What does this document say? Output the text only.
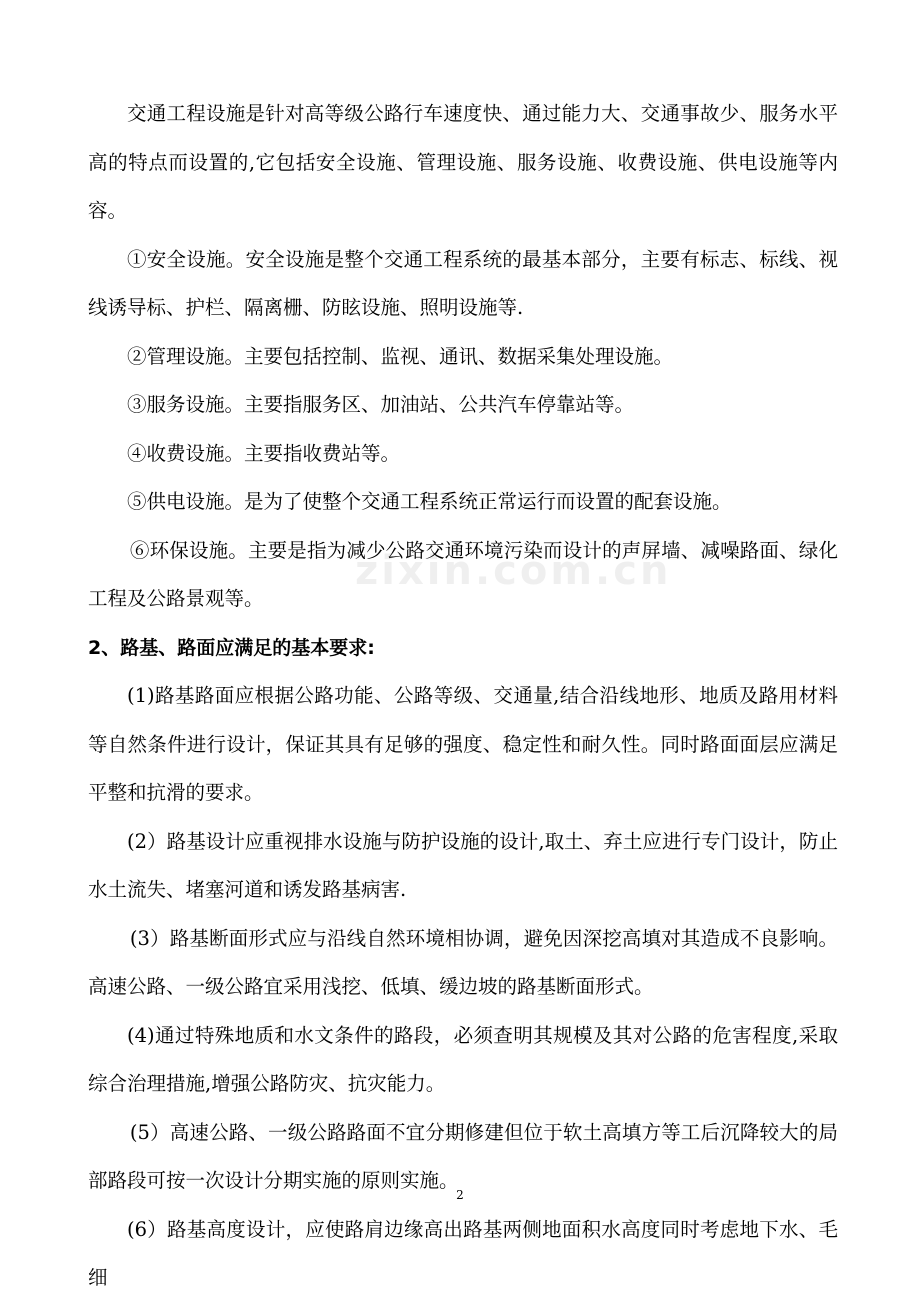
zixin.com.cn

交通工程设施是针对高等级公路行车速度快、通过能力大、交通事故少、服务水平高的特点而设置的,它包括安全设施、管理设施、服务设施、收费设施、供电设施等内容。

①安全设施。安全设施是整个交通工程系统的最基本部分，主要有标志、标线、视线诱导标、护栏、隔离栅、防眩设施、照明设施等.

②管理设施。主要包括控制、监视、通讯、数据采集处理设施。

③服务设施。主要指服务区、加油站、公共汽车停靠站等。

④收费设施。主要指收费站等。

⑤供电设施。是为了使整个交通工程系统正常运行而设置的配套设施。

⑥环保设施。主要是指为减少公路交通环境污染而设计的声屏墙、减噪路面、绿化工程及公路景观等。

2、路基、路面应满足的基本要求:

(1)路基路面应根据公路功能、公路等级、交通量,结合沿线地形、地质及路用材料等自然条件进行设计，保证其具有足够的强度、稳定性和耐久性。同时路面面层应满足平整和抗滑的要求。

(2）路基设计应重视排水设施与防护设施的设计,取土、弃土应进行专门设计，防止水土流失、堵塞河道和诱发路基病害.

(3）路基断面形式应与沿线自然环境相协调，避免因深挖高填对其造成不良影响。高速公路、一级公路宜采用浅挖、低填、缓边坡的路基断面形式。

(4)通过特殊地质和水文条件的路段，必须查明其规模及其对公路的危害程度,采取综合治理措施,增强公路防灾、抗灾能力。

(5）高速公路、一级公路路面不宜分期修建但位于软土高填方等工后沉降较大的局部路段可按一次设计分期实施的原则实施。

(6）路基高度设计，应使路肩边缘高出路基两侧地面积水高度同时考虑地下水、毛细

2
